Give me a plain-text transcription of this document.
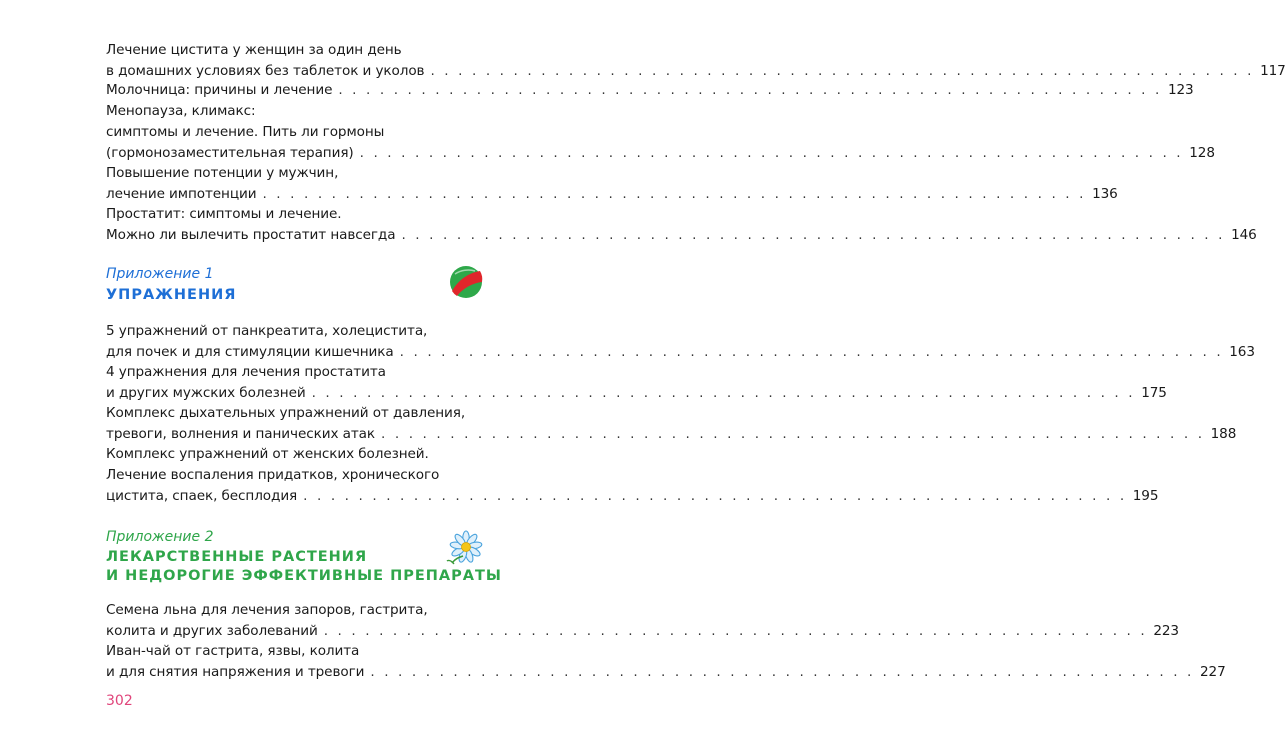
Лечение цистита у женщин за один день
в домашних условиях без таблеток и уколов . . . . . . . . . . . . . . . . . . . . . . . . . . . . . . . . . . . . . . . . . . . . . . . . . . . . . . . . . . . . 117
Молочница: причины и лечение . . . . . . . . . . . . . . . . . . . . . . . . . . . . . . . . . . . . . . . . . . . . . . . . . . . . . . . . . . . . 123
Менопауза, климакс:
симптомы и лечение. Пить ли гормоны
(гормонозаместительная терапия) . . . . . . . . . . . . . . . . . . . . . . . . . . . . . . . . . . . . . . . . . . . . . . . . . . . . . . . . . . . . 128
Повышение потенции у мужчин,
лечение импотенции . . . . . . . . . . . . . . . . . . . . . . . . . . . . . . . . . . . . . . . . . . . . . . . . . . . . . . . . . . . . 136
Простатит: симптомы и лечение.
Можно ли вылечить простатит навсегда . . . . . . . . . . . . . . . . . . . . . . . . . . . . . . . . . . . . . . . . . . . . . . . . . . . . . . . . . . . . 146
Приложение 1
УПРАЖНЕНИЯ
5 упражнений от панкреатита, холецистита,
для почек и для стимуляции кишечника . . . . . . . . . . . . . . . . . . . . . . . . . . . . . . . . . . . . . . . . . . . . . . . . . . . . . . . . . . . . 163
4 упражнения для лечения простатита
и других мужских болезней . . . . . . . . . . . . . . . . . . . . . . . . . . . . . . . . . . . . . . . . . . . . . . . . . . . . . . . . . . . . 175
Комплекс дыхательных упражнений от давления,
тревоги, волнения и панических атак . . . . . . . . . . . . . . . . . . . . . . . . . . . . . . . . . . . . . . . . . . . . . . . . . . . . . . . . . . . . 188
Комплекс упражнений от женских болезней.
Лечение воспаления придатков, хронического
цистита, спаек, бесплодия . . . . . . . . . . . . . . . . . . . . . . . . . . . . . . . . . . . . . . . . . . . . . . . . . . . . . . . . . . . . 195
Приложение 2
ЛЕКАРСТВЕННЫЕ РАСТЕНИЯ
И НЕДОРОГИЕ ЭФФЕКТИВНЫЕ ПРЕПАРАТЫ
Семена льна для лечения запоров, гастрита,
колита и других заболеваний . . . . . . . . . . . . . . . . . . . . . . . . . . . . . . . . . . . . . . . . . . . . . . . . . . . . . . . . . . . . 223
Иван-чай от гастрита, язвы, колита
и для снятия напряжения и тревоги . . . . . . . . . . . . . . . . . . . . . . . . . . . . . . . . . . . . . . . . . . . . . . . . . . . . . . . . . . . . 227
302
